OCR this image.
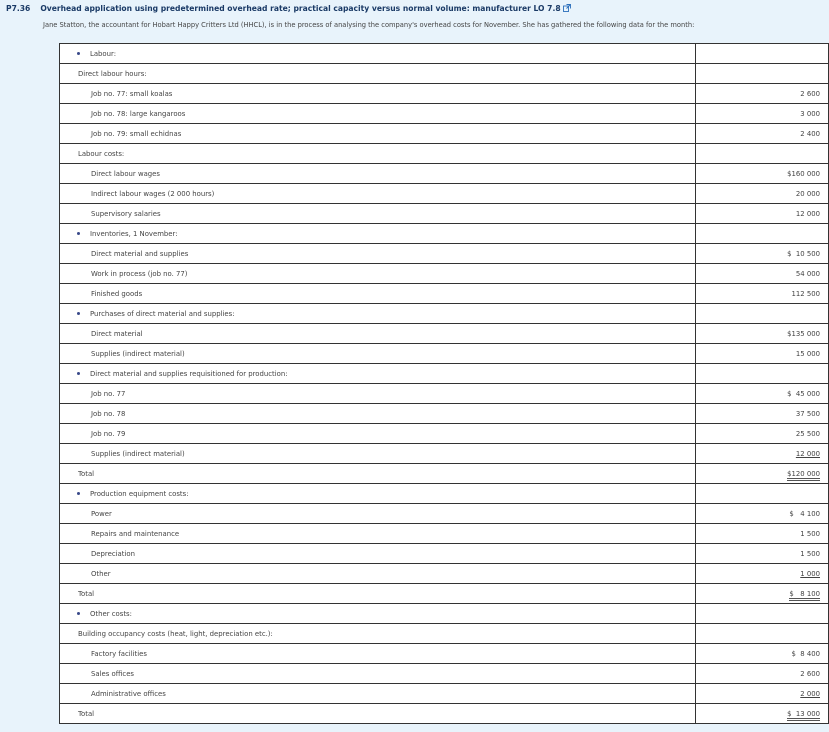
P7.36 Overhead application using predetermined overhead rate; practical capacity versus normal volume: manufacturer LO 7.8
Jane Statton, the accountant for Hobart Happy Critters Ltd (HHCL), is in the process of analysing the company's overhead costs for November. She has gathered the following data for the month:
Labour:	
Direct labour hours:	
Job no. 77: small koalas	2 600
Job no. 78: large kangaroos	3 000
Job no. 79: small echidnas	2 400
Labour costs:	
Direct labour wages	$160 000
Indirect labour wages (2 000 hours)	20 000
Supervisory salaries	12 000
Inventories, 1 November:	
Direct material and supplies	$  10 500
Work in process (job no. 77)	54 000
Finished goods	112 500
Purchases of direct material and supplies:	
Direct material	$135 000
Supplies (indirect material)	15 000
Direct material and supplies requisitioned for production:	
Job no. 77	$  45 000
Job no. 78	37 500
Job no. 79	25 500
Supplies (indirect material)	12 000
Total	$120 000
Production equipment costs:	
Power	$   4 100
Repairs and maintenance	1 500
Depreciation	1 500
Other	1 000
Total	$   8 100
Other costs:	
Building occupancy costs (heat, light, depreciation etc.):	
Factory facilities	$  8 400
Sales offices	2 600
Administrative offices	2 000
Total	$  13 000
